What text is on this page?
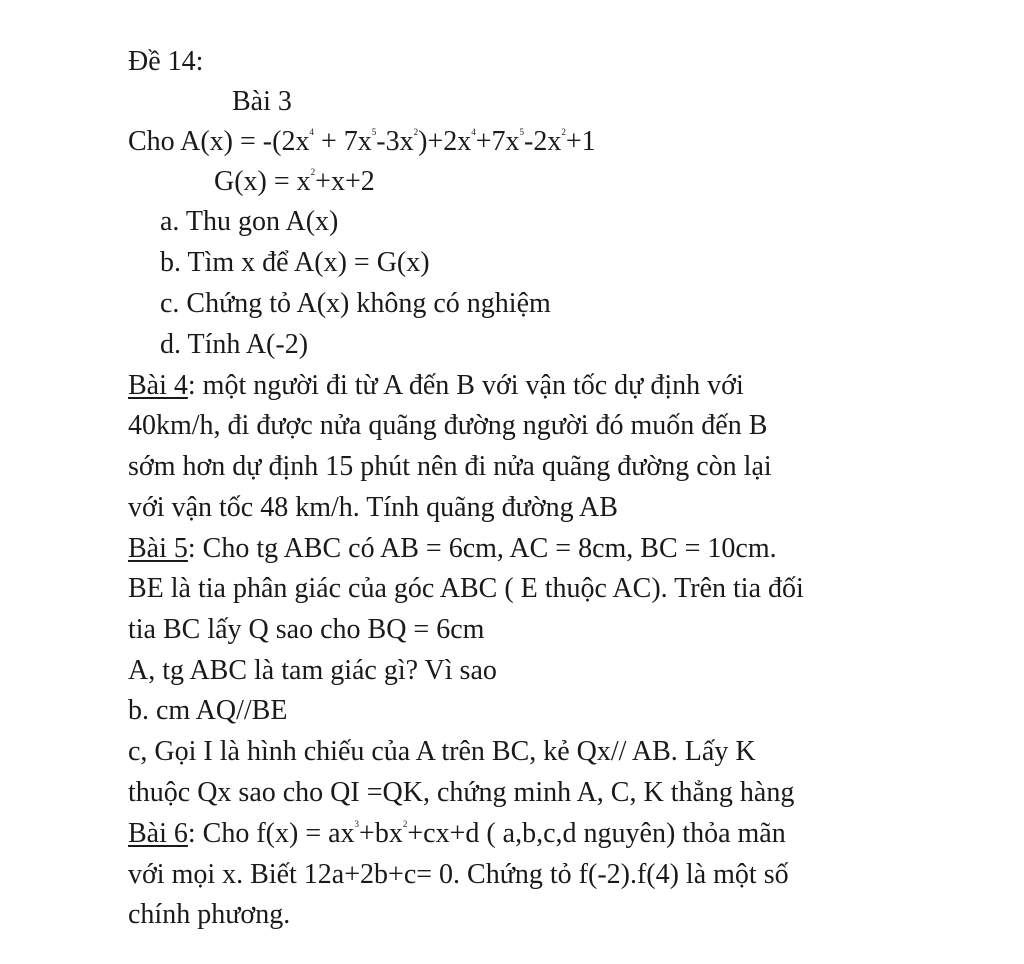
Đề 14:
Bài 3
Cho $A(x) = -(2x^4 + 7x^5-3x^2)+2x^4+7x^5-2x^2+1$
$G(x) = x^2+x+2$
a. Thu gon A(x)
b. Tìm x để A(x) = G(x)
c. Chứng tỏ A(x) không có nghiệm
d. Tính A(-2)
Bài 4: một người đi từ A đến B với vận tốc dự định với
40km/h, đi được nửa quãng đường người đó muốn đến B
sớm hơn dự định 15 phút nên đi nửa quãng đường còn lại
với vận tốc 48 km/h. Tính quãng đường AB
Bài 5: Cho tg ABC có AB = 6cm, AC = 8cm, BC = 10cm.
BE là tia phân giác của góc ABC ( E thuộc AC). Trên tia đối
tia BC lấy Q sao cho BQ = 6cm
A, tg ABC là tam giác gì? Vì sao
b. cm AQ//BE
c, Gọi I là hình chiếu của A trên BC, kẻ Qx// AB. Lấy K
thuộc Qx sao cho QI =QK, chứng minh A, C, K thẳng hàng
Bài 6: Cho $f(x) = ax^3+bx^2+cx+d$ ( a,b,c,d nguyên) thỏa mãn
với mọi x. Biết 12a+2b+c= 0. Chứng tỏ f(-2).f(4) là một số
chính phương.
